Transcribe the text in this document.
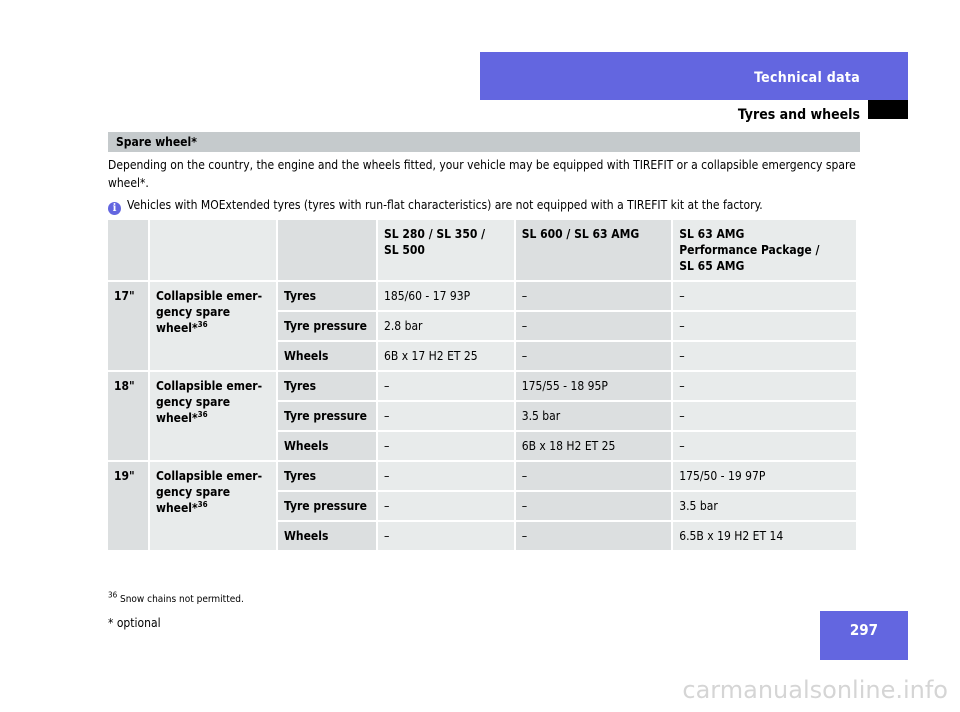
Technical data
Tyres and wheels
Spare wheel*
Depending on the country, the engine and the wheels fitted, your vehicle may be equipped with TIREFIT or a collapsible emergency spare wheel*.
i Vehicles with MOExtended tyres (tyres with run-flat characteristics) are not equipped with a TIREFIT kit at the factory.
			SL 280 / SL 350 /
SL 500	SL 600 / SL 63 AMG	SL 63 AMG
Performance Package /
SL 65 AMG
17"	Collapsible emer-
gency spare
wheel*$^{36}$	Tyres	185/60 - 17 93P	–	–
		Tyre pressure	2.8 bar	–	–
		Wheels	6B x 17 H2 ET 25	–	–
18"	Collapsible emer-
gency spare
wheel*$^{36}$	Tyres	–	175/55 - 18 95P	–
		Tyre pressure	–	3.5 bar	–
		Wheels	–	6B x 18 H2 ET 25	–
19"	Collapsible emer-
gency spare
wheel*$^{36}$	Tyres	–	–	175/50 - 19 97P
		Tyre pressure	–	–	3.5 bar
		Wheels	–	–	6.5B x 19 H2 ET 14
$^{36}$ Snow chains not permitted.
* optional	297
carmanualsonline.info
